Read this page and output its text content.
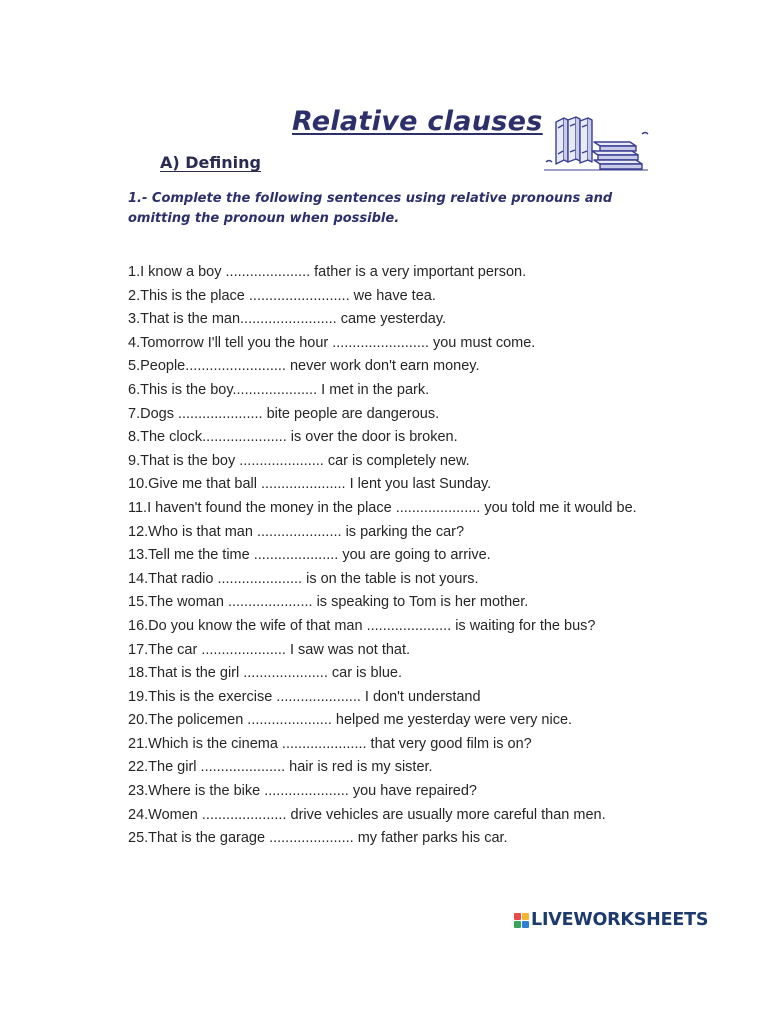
Relative clauses
A) Defining

1.- Complete the following sentences using relative pronouns and omitting the pronoun when possible.

1.I know a boy ..................... father is a very important person.
2.This is the place ......................... we have tea.
3.That is the man........................ came yesterday.
4.Tomorrow I'll tell you the hour ........................ you must come.
5.People......................... never work don't earn money.
6.This is the boy..................... I met in the park.
7.Dogs ..................... bite people are dangerous.
8.The clock..................... is over the door is broken.
9.That is the boy ..................... car is completely new.
10.Give me that ball ..................... I lent you last Sunday.
11.I haven't found the money in the place ..................... you told me it would be.
12.Who is that man ..................... is parking the car?
13.Tell me the time ..................... you are going to arrive.
14.That radio ..................... is on the table is not yours.
15.The woman ..................... is speaking to Tom is her mother.
16.Do you know the wife of that man ..................... is waiting for the bus?
17.The car ..................... I saw was not that.
18.That is the girl ..................... car is blue.
19.This is the exercise ..................... I don't understand
20.The policemen ..................... helped me yesterday were very nice.
21.Which is the cinema ..................... that very good film is on?
22.The girl ..................... hair is red is my sister.
23.Where is the bike ..................... you have repaired?
24.Women ..................... drive vehicles are usually more careful than men.
25.That is the garage ..................... my father parks his car.
LIVEWORKSHEETS
